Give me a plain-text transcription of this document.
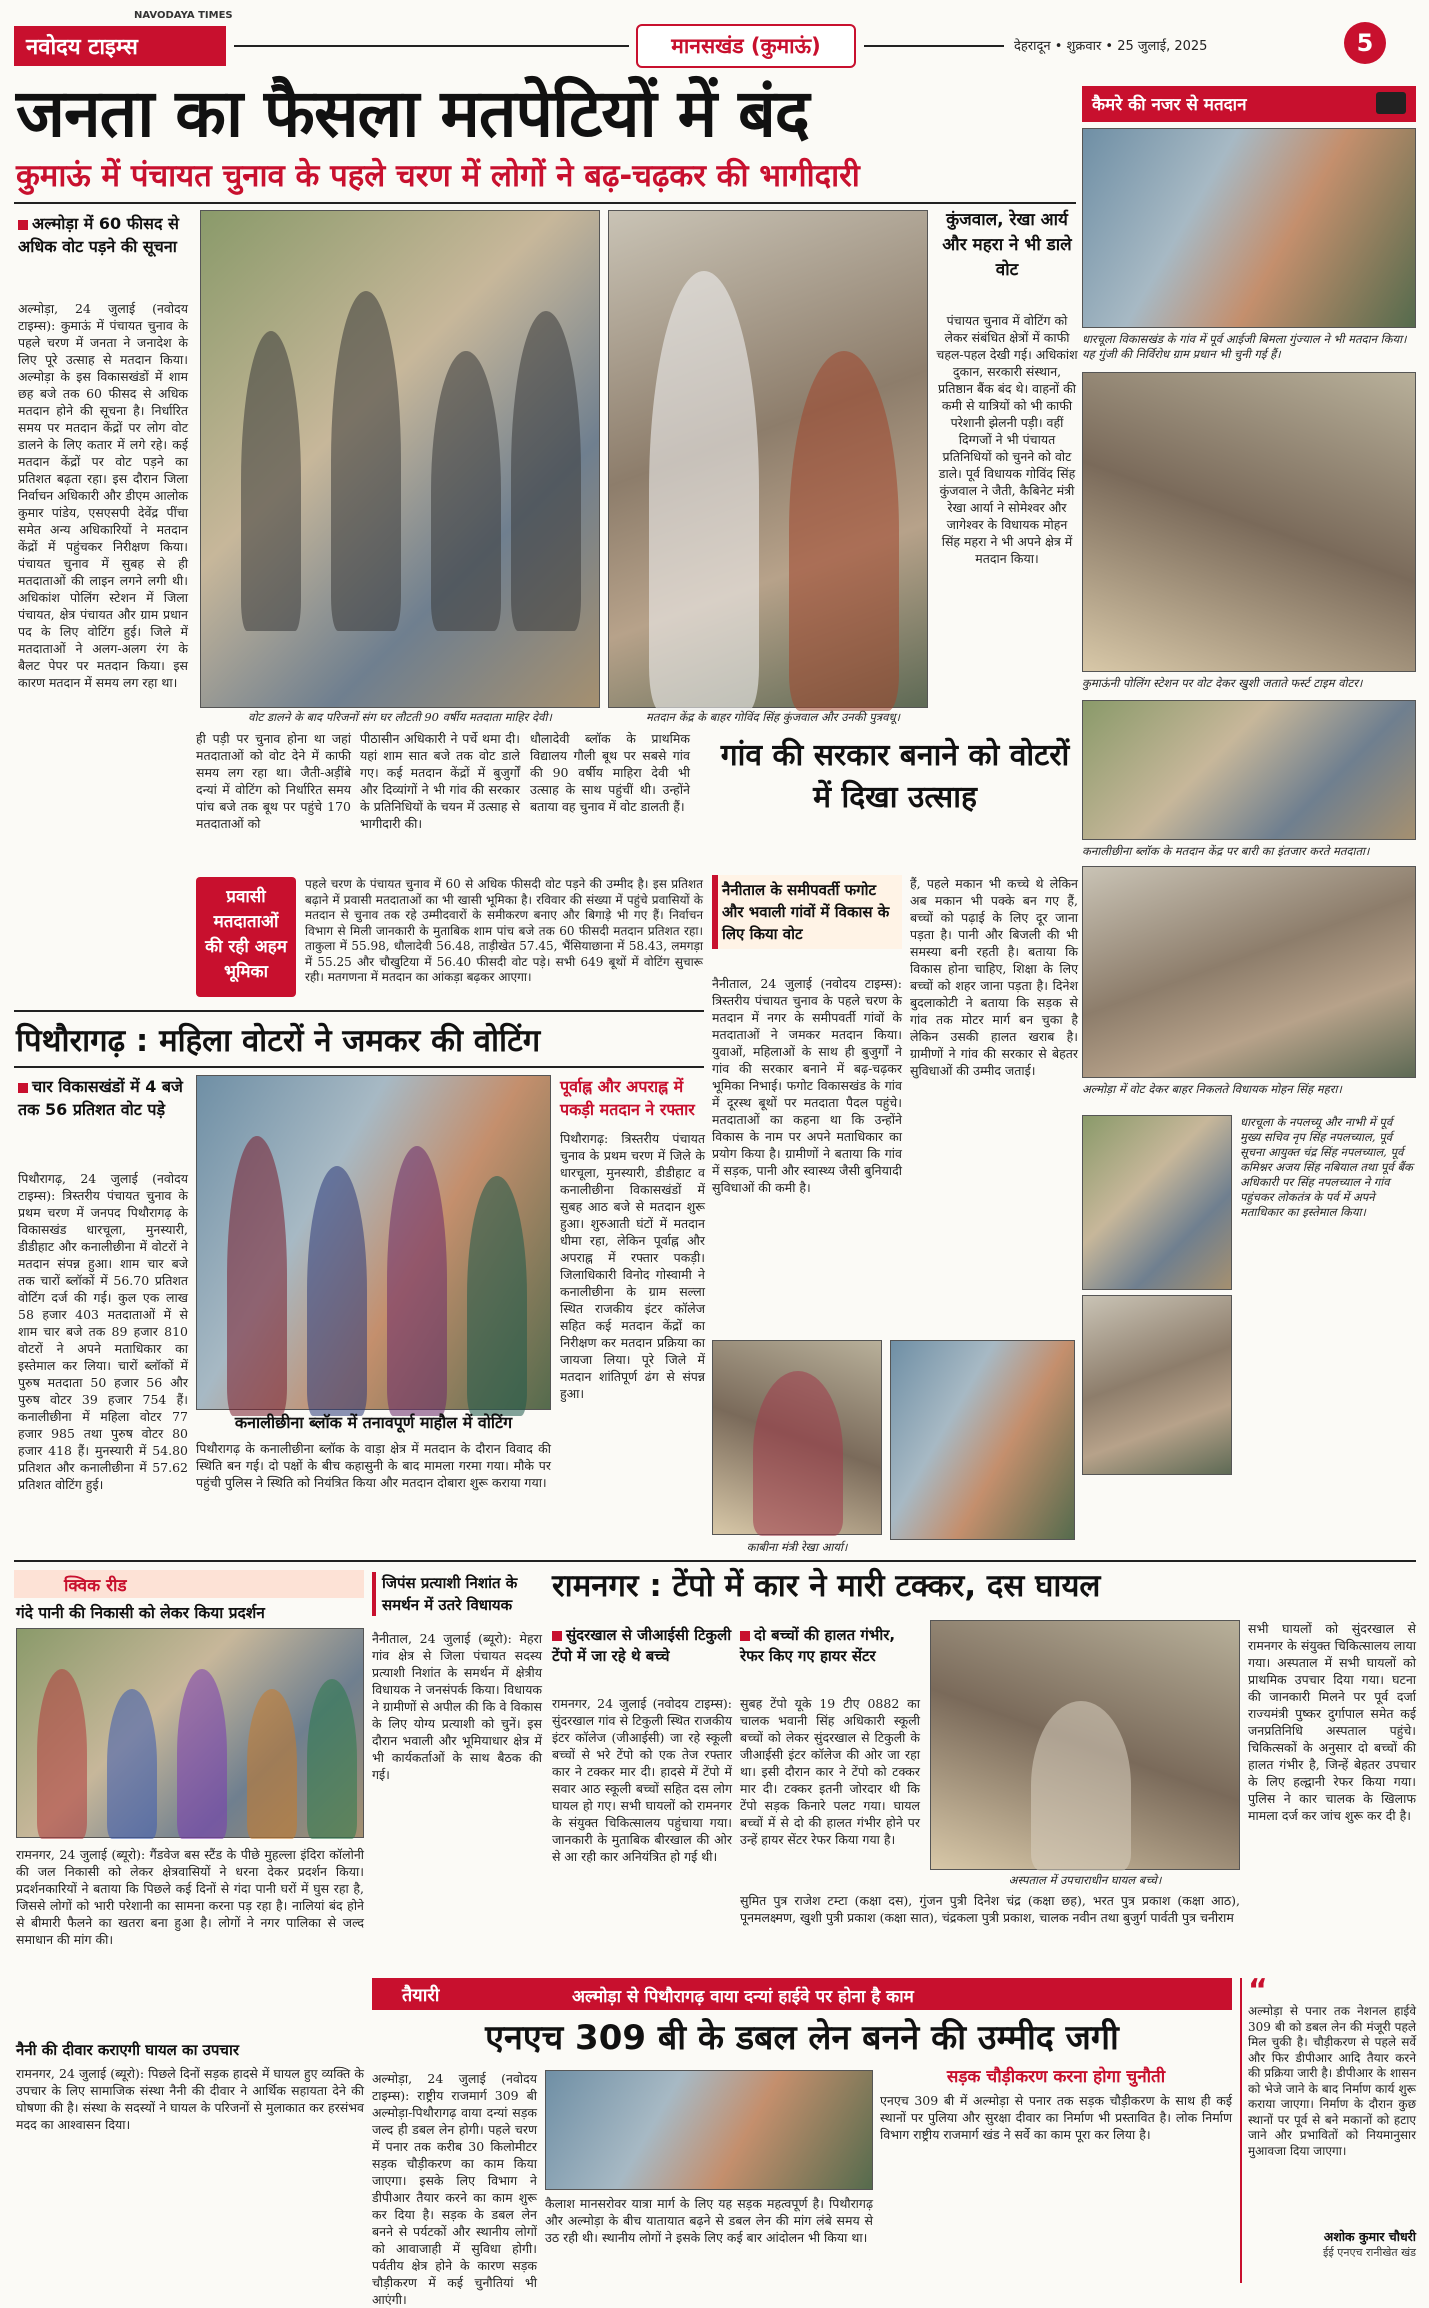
NAVODAYA TIMES
नवोदय टाइम्स	मानसखंड (कुमाऊं)	देहरादून • शुक्रवार • 25 जुलाई, 2025	5
जनता का फैसला मतपेटियों में बंद
कुमाऊं में पंचायत चुनाव के पहले चरण में लोगों ने बढ़-चढ़कर की भागीदारी
अल्मोड़ा में 60 फीसद से अधिक वोट पड़ने की सूचना
अल्मोड़ा, 24 जुलाई (नवोदय टाइम्स): कुमाऊं में पंचायत चुनाव के पहले चरण में जनता ने जनादेश के लिए पूरे उत्साह से मतदान किया। अल्मोड़ा के इस विकासखंडों में शाम छह बजे तक 60 फीसद से अधिक मतदान होने की सूचना है। निर्धारित समय पर मतदान केंद्रों पर लोग वोट डालने के लिए कतार में लगे रहे। कई मतदान केंद्रों पर वोट पड़ने का प्रतिशत बढ़ता रहा। इस दौरान जिला निर्वाचन अधिकारी और डीएम आलोक कुमार पांडेय, एसएसपी देवेंद्र पींचा समेत अन्य अधिकारियों ने मतदान केंद्रों में पहुंचकर निरीक्षण किया। पंचायत चुनाव में सुबह से ही मतदाताओं की लाइन लगने लगी थी। अधिकांश पोलिंग स्टेशन में जिला पंचायत, क्षेत्र पंचायत और ग्राम प्रधान पद के लिए वोटिंग हुई। जिले में मतदाताओं ने अलग-अलग रंग के बैलट पेपर पर मतदान किया। इस कारण मतदान में समय लग रहा था।
वोट डालने के बाद परिजनों संग घर लौटती 90 वर्षीय मतदाता माहिर देवी।	मतदान केंद्र के बाहर गोविंद सिंह कुंजवाल और उनकी पुत्रवधू।
कुंजवाल, रेखा आर्य और महरा ने भी डाले वोट
पंचायत चुनाव में वोटिंग को लेकर संबंधित क्षेत्रों में काफी चहल-पहल देखी गई। अधिकांश दुकान, सरकारी संस्थान, प्रतिष्ठान बैंक बंद थे। वाहनों की कमी से यात्रियों को भी काफी परेशानी झेलनी पड़ी। वहीं दिग्गजों ने भी पंचायत प्रतिनिधियों को चुनने को वोट डाले। पूर्व विधायक गोविंद सिंह कुंजवाल ने जैती, कैबिनेट मंत्री रेखा आर्या ने सोमेश्वर और जागेश्वर के विधायक मोहन सिंह महरा ने भी अपने क्षेत्र में मतदान किया।
ही पड़ी पर चुनाव होना था जहां मतदाताओं को वोट देने में काफी समय लग रहा था। जैती-अड़ींबे दन्यां में वोटिंग को निर्धारित समय पांच बजे तक बूथ पर पहुंचे 170 मतदाताओं को
पीठासीन अधिकारी ने पर्चे थमा दी। यहां शाम सात बजे तक वोट डाले गए। कई मतदान केंद्रों में बुजुर्गों और दिव्यांगों ने भी गांव की सरकार के प्रतिनिधियों के चयन में उत्साह से भागीदारी की।
धौलादेवी ब्लॉक के प्राथमिक विद्यालय गौली बूथ पर सबसे गांव की 90 वर्षीय माहिरा देवी भी उत्साह के साथ पहुंचीं थी। उन्होंने बताया वह चुनाव में वोट डालती हैं।
प्रवासी मतदाताओं की रही अहम भूमिका
पहले चरण के पंचायत चुनाव में 60 से अधिक फीसदी वोट पड़ने की उम्मीद है। इस प्रतिशत बढ़ाने में प्रवासी मतदाताओं का भी खासी भूमिका है। रविवार की संख्या में पहुंचे प्रवासियों के मतदान से चुनाव तक रहे उम्मीदवारों के समीकरण बनाए और बिगाड़े भी गए हैं। निर्वाचन विभाग से मिली जानकारी के मुताबिक शाम पांच बजे तक 60 फीसदी मतदान प्रतिशत रहा। ताकुला में 55.98, धौलादेवी 56.48, ताड़ीखेत 57.45, भैंसियाछाना में 58.43, लमगड़ा में 55.25 और चौखुटिया में 56.40 फीसदी वोट पड़े। सभी 649 बूथों में वोटिंग सुचारू रही। मतगणना में मतदान का आंकड़ा बढ़कर आएगा।
गांव की सरकार बनाने को वोटरों में दिखा उत्साह
नैनीताल के समीपवर्ती फगोट और भवाली गांवों में विकास के लिए किया वोट
नैनीताल, 24 जुलाई (नवोदय टाइम्स): त्रिस्तरीय पंचायत चुनाव के पहले चरण के मतदान में नगर के समीपवर्ती गांवों के मतदाताओं ने जमकर मतदान किया। युवाओं, महिलाओं के साथ ही बुजुर्गों ने गांव की सरकार बनाने में बढ़-चढ़कर भूमिका निभाई। फगोट विकासखंड के गांव में दूरस्थ बूथों पर मतदाता पैदल पहुंचे। मतदाताओं का कहना था कि उन्होंने विकास के नाम पर अपने मताधिकार का प्रयोग किया है। ग्रामीणों ने बताया कि गांव में सड़क, पानी और स्वास्थ्य जैसी बुनियादी सुविधाओं की कमी है।
हैं, पहले मकान भी कच्चे थे लेकिन अब मकान भी पक्के बन गए हैं, बच्चों को पढ़ाई के लिए दूर जाना पड़ता है। पानी और बिजली की भी समस्या बनी रहती है। बताया कि विकास होना चाहिए, शिक्षा के लिए बच्चों को शहर जाना पड़ता है। दिनेश बुदलाकोटी ने बताया कि सड़क से गांव तक मोटर मार्ग बन चुका है लेकिन उसकी हालत खराब है। ग्रामीणों ने गांव की सरकार से बेहतर सुविधाओं की उम्मीद जताई।
कैमरे की नजर से मतदान
धारचूला विकासखंड के गांव में पूर्व आईजी बिमला गुंज्याल ने भी मतदान किया। यह गुंजी की निर्विरोध ग्राम प्रधान भी चुनी गई हैं।
कुमाऊंनी पोलिंग स्टेशन पर वोट देकर खुशी जताते फर्स्ट टाइम वोटर।
कनालीछीना ब्लॉक के मतदान केंद्र पर बारी का इंतजार करते मतदाता।
अल्मोड़ा में वोट देकर बाहर निकलते विधायक मोहन सिंह महरा।
पिथौरागढ़ : महिला वोटरों ने जमकर की वोटिंग
चार विकासखंडों में 4 बजे तक 56 प्रतिशत वोट पड़े
पिथौरागढ़, 24 जुलाई (नवोदय टाइम्स): त्रिस्तरीय पंचायत चुनाव के प्रथम चरण में जनपद पिथौरागढ़ के विकासखंड धारचूला, मुनस्यारी, डीडीहाट और कनालीछीना में वोटरों ने मतदान संपन्न हुआ। शाम चार बजे तक चारों ब्लॉकों में 56.70 प्रतिशत वोटिंग दर्ज की गई। कुल एक लाख 58 हजार 403 मतदाताओं में से शाम चार बजे तक 89 हजार 810 वोटरों ने अपने मताधिकार का इस्तेमाल कर लिया। चारों ब्लॉकों में पुरुष मतदाता 50 हजार 56 और पुरुष वोटर 39 हजार 754 हैं। कनालीछीना में महिला वोटर 77 हजार 985 तथा पुरुष वोटर 80 हजार 418 हैं। मुनस्यारी में 54.80 प्रतिशत और कनालीछीना में 57.62 प्रतिशत वोटिंग हुई।
कनालीछीना ब्लॉक में तनावपूर्ण माहौल में वोटिंग
पिथौरागढ़ के कनालीछीना ब्लॉक के वाड़ा क्षेत्र में मतदान के दौरान विवाद की स्थिति बन गई। दो पक्षों के बीच कहासुनी के बाद मामला गरमा गया। मौके पर पहुंची पुलिस ने स्थिति को नियंत्रित किया और मतदान दोबारा शुरू कराया गया।
पूर्वाह्न और अपराह्न में पकड़ी मतदान ने रफ्तार
पिथौरागढ़: त्रिस्तरीय पंचायत चुनाव के प्रथम चरण में जिले के धारचूला, मुनस्यारी, डीडीहाट व कनालीछीना विकासखंडों में सुबह आठ बजे से मतदान शुरू हुआ। शुरुआती घंटों में मतदान धीमा रहा, लेकिन पूर्वाह्न और अपराह्न में रफ्तार पकड़ी। जिलाधिकारी विनोद गोस्वामी ने कनालीछीना के ग्राम सल्ला स्थित राजकीय इंटर कॉलेज सहित कई मतदान केंद्रों का निरीक्षण कर मतदान प्रक्रिया का जायजा लिया। पूरे जिले में मतदान शांतिपूर्ण ढंग से संपन्न हुआ।
काबीना मंत्री रेखा आर्या।
धारचूला के नपलच्यू और नाभी में पूर्व मुख्य सचिव नृप सिंह नपलच्याल, पूर्व सूचना आयुक्त चंद्र सिंह नपलच्याल, पूर्व कमिश्नर अजय सिंह नबियाल तथा पूर्व बैंक अधिकारी पर सिंह नपलच्याल ने गांव पहुंचकर लोकतंत्र के पर्व में अपने मताधिकार का इस्तेमाल किया।
क्विक रीड
गंदे पानी की निकासी को लेकर किया प्रदर्शन
रामनगर, 24 जुलाई (ब्यूरो): गैंडवेज बस स्टैंड के पीछे मुहल्ला इंदिरा कॉलोनी की जल निकासी को लेकर क्षेत्रवासियों ने धरना देकर प्रदर्शन किया। प्रदर्शनकारियों ने बताया कि पिछले कई दिनों से गंदा पानी घरों में घुस रहा है, जिससे लोगों को भारी परेशानी का सामना करना पड़ रहा है। नालियां बंद होने से बीमारी फैलने का खतरा बना हुआ है। लोगों ने नगर पालिका से जल्द समाधान की मांग की।
नैनी की दीवार कराएगी घायल का उपचार
रामनगर, 24 जुलाई (ब्यूरो): पिछले दिनों सड़क हादसे में घायल हुए व्यक्ति के उपचार के लिए सामाजिक संस्था नैनी की दीवार ने आर्थिक सहायता देने की घोषणा की है। संस्था के सदस्यों ने घायल के परिजनों से मुलाकात कर हरसंभव मदद का आश्वासन दिया।
जिपंस प्रत्याशी निशांत के समर्थन में उतरे विधायक
नैनीताल, 24 जुलाई (ब्यूरो): मेहरा गांव क्षेत्र से जिला पंचायत सदस्य प्रत्याशी निशांत के समर्थन में क्षेत्रीय विधायक ने जनसंपर्क किया। विधायक ने ग्रामीणों से अपील की कि वे विकास के लिए योग्य प्रत्याशी को चुनें। इस दौरान भवाली और भूमियाधार क्षेत्र में भी कार्यकर्ताओं के साथ बैठक की गई।
रामनगर : टेंपो में कार ने मारी टक्कर, दस घायल
सुंदरखाल से जीआईसी टिकुली टेंपो में जा रहे थे बच्चे
रामनगर, 24 जुलाई (नवोदय टाइम्स): सुंदरखाल गांव से टिकुली स्थित राजकीय इंटर कॉलेज (जीआईसी) जा रहे स्कूली बच्चों से भरे टेंपो को एक तेज रफ्तार कार ने टक्कर मार दी। हादसे में टेंपो में सवार आठ स्कूली बच्चों सहित दस लोग घायल हो गए। सभी घायलों को रामनगर के संयुक्त चिकित्सालय पहुंचाया गया। जानकारी के मुताबिक बीरखाल की ओर से आ रही कार अनियंत्रित हो गई थी।
दो बच्चों की हालत गंभीर, रेफर किए गए हायर सेंटर
सुबह टेंपो यूके 19 टीए 0882 का चालक भवानी सिंह अधिकारी स्कूली बच्चों को लेकर सुंदरखाल से टिकुली के जीआईसी इंटर कॉलेज की ओर जा रहा था। इसी दौरान कार ने टेंपो को टक्कर मार दी। टक्कर इतनी जोरदार थी कि टेंपो सड़क किनारे पलट गया। घायल बच्चों में से दो की हालत गंभीर होने पर उन्हें हायर सेंटर रेफर किया गया है।
अस्पताल में उपचाराधीन घायल बच्चे।
सुमित पुत्र राजेश टम्टा (कक्षा दस), गुंजन पुत्री दिनेश चंद्र (कक्षा छह), भरत पुत्र प्रकाश (कक्षा आठ), पूनमलक्ष्मण, खुशी पुत्री प्रकाश (कक्षा सात), चंद्रकला पुत्री प्रकाश, चालक नवीन तथा बुजुर्ग पार्वती पुत्र चनीराम
सभी घायलों को सुंदरखाल से रामनगर के संयुक्त चिकित्सालय लाया गया। अस्पताल में सभी घायलों को प्राथमिक उपचार दिया गया। घटना की जानकारी मिलने पर पूर्व दर्जा राज्यमंत्री पुष्कर दुर्गापाल समेत कई जनप्रतिनिधि अस्पताल पहुंचे। चिकित्सकों के अनुसार दो बच्चों की हालत गंभीर है, जिन्हें बेहतर उपचार के लिए हल्द्वानी रेफर किया गया। पुलिस ने कार चालक के खिलाफ मामला दर्ज कर जांच शुरू कर दी है।
तैयारी	अल्मोड़ा से पिथौरागढ़ वाया दन्यां हाईवे पर होना है काम
एनएच 309 बी के डबल लेन बनने की उम्मीद जगी
सड़क चौड़ीकरण करना होगा चुनौती
अल्मोड़ा, 24 जुलाई (नवोदय टाइम्स): राष्ट्रीय राजमार्ग 309 बी अल्मोड़ा-पिथौरागढ़ वाया दन्यां सड़क जल्द ही डबल लेन होगी। पहले चरण में पनार तक करीब 30 किलोमीटर सड़क चौड़ीकरण का काम किया जाएगा। इसके लिए विभाग ने डीपीआर तैयार करने का काम शुरू कर दिया है। सड़क के डबल लेन बनने से पर्यटकों और स्थानीय लोगों को आवाजाही में सुविधा होगी। पर्वतीय क्षेत्र होने के कारण सड़क चौड़ीकरण में कई चुनौतियां भी आएंगी।
कैलाश मानसरोवर यात्रा मार्ग के लिए यह सड़क महत्वपूर्ण है। पिथौरागढ़ और अल्मोड़ा के बीच यातायात बढ़ने से डबल लेन की मांग लंबे समय से उठ रही थी। स्थानीय लोगों ने इसके लिए कई बार आंदोलन भी किया था।
एनएच 309 बी में अल्मोड़ा से पनार तक सड़क चौड़ीकरण के साथ ही कई स्थानों पर पुलिया और सुरक्षा दीवार का निर्माण भी प्रस्तावित है। लोक निर्माण विभाग राष्ट्रीय राजमार्ग खंड ने सर्वे का काम पूरा कर लिया है।
“
अल्मोड़ा से पनार तक नेशनल हाईवे 309 बी को डबल लेन की मंजूरी पहले मिल चुकी है। चौड़ीकरण से पहले सर्वे और फिर डीपीआर आदि तैयार करने की प्रक्रिया जारी है। डीपीआर के शासन को भेजे जाने के बाद निर्माण कार्य शुरू कराया जाएगा। निर्माण के दौरान कुछ स्थानों पर पूर्व से बने मकानों को हटाए जाने और प्रभावितों को नियमानुसार मुआवजा दिया जाएगा।
अशोक कुमार चौधरी
ईई एनएच रानीखेत खंड
